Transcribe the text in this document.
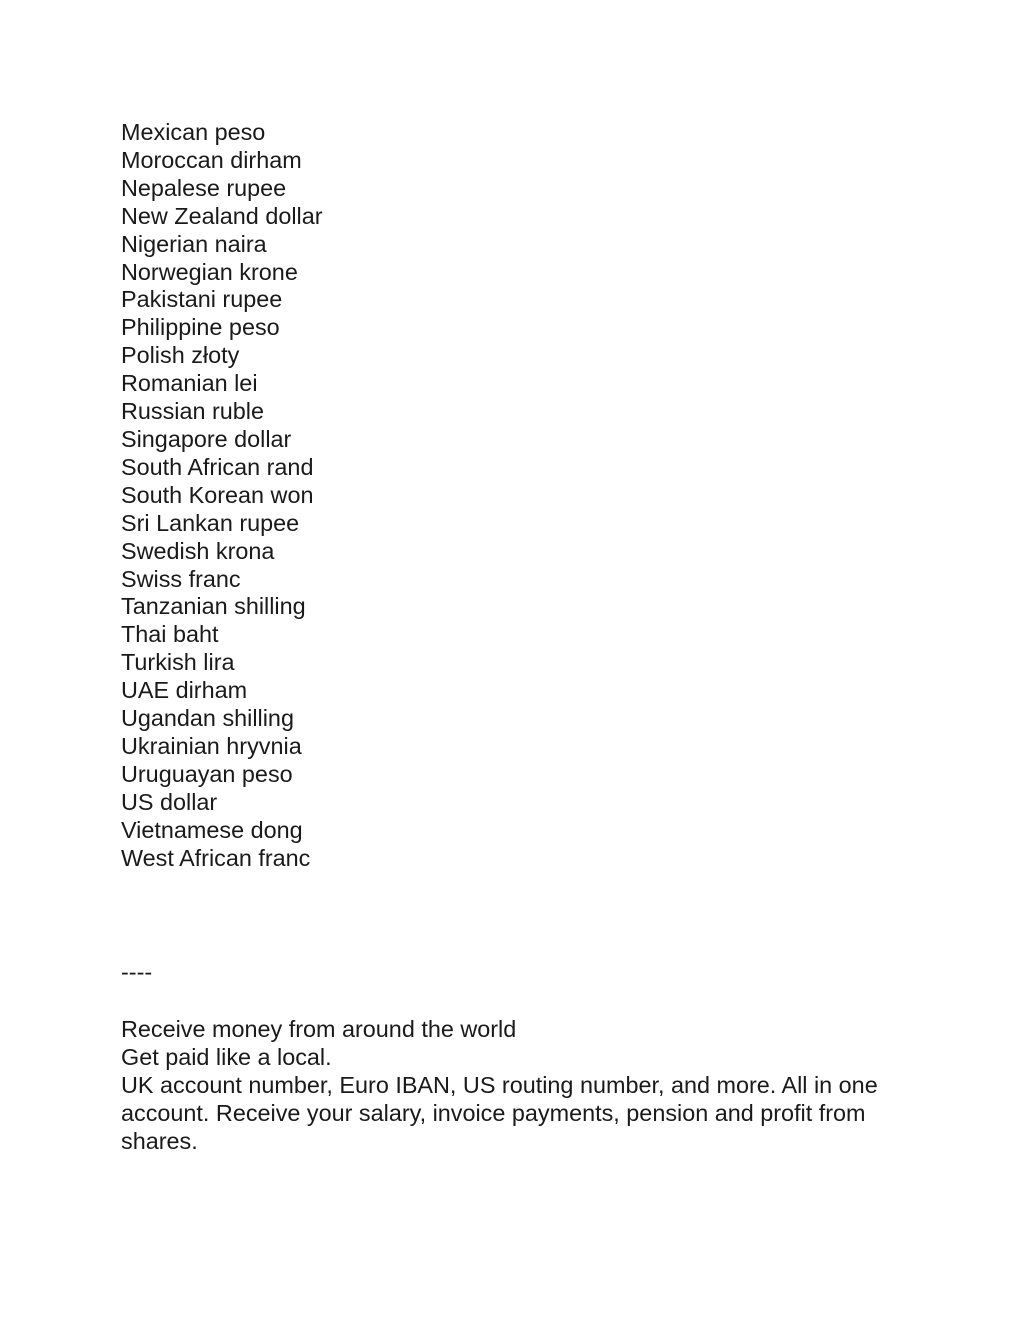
Mexican peso
Moroccan dirham
Nepalese rupee
New Zealand dollar
Nigerian naira
Norwegian krone
Pakistani rupee
Philippine peso
Polish złoty
Romanian lei
Russian ruble
Singapore dollar
South African rand
South Korean won
Sri Lankan rupee
Swedish krona
Swiss franc
Tanzanian shilling
Thai baht
Turkish lira
UAE dirham
Ugandan shilling
Ukrainian hryvnia
Uruguayan peso
US dollar
Vietnamese dong
West African franc
----

Receive money from around the world

Get paid like a local.

UK account number, Euro IBAN, US routing number, and more. All in one account. Receive your salary, invoice payments, pension and profit from shares.
